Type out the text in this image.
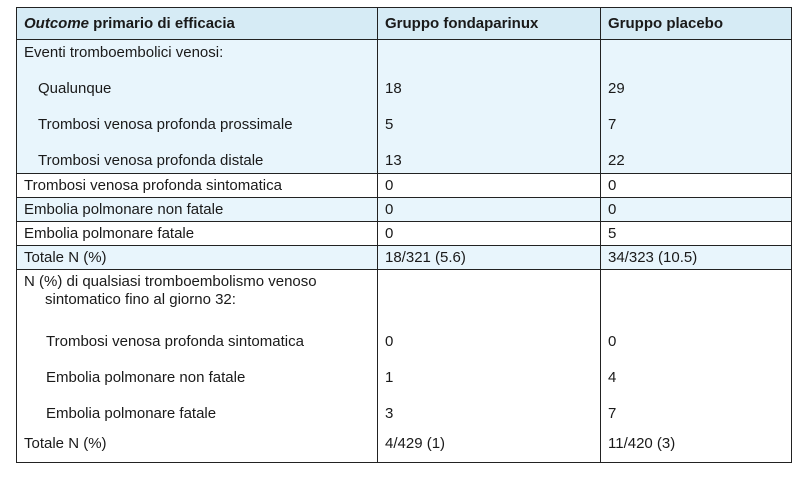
Outcome primario di efficacia	Gruppo fondaparinux	Gruppo placebo
Eventi tromboembolici venosi:		
Qualunque	18	29
Trombosi venosa profonda prossimale	5	7
Trombosi venosa profonda distale	13	22
Trombosi venosa profonda sintomatica	0	0
Embolia polmonare non fatale	0	0
Embolia polmonare fatale	0	5
Totale N (%)	18/321 (5.6)	34/323 (10.5)
N (%) di qualsiasi tromboembolismo venoso
sintomatico fino al giorno 32:		

Trombosi venosa profonda sintomatica	0	0
Embolia polmonare non fatale	1	4
Embolia polmonare fatale	3	7
Totale N (%)	4/429 (1)	11/420 (3)
